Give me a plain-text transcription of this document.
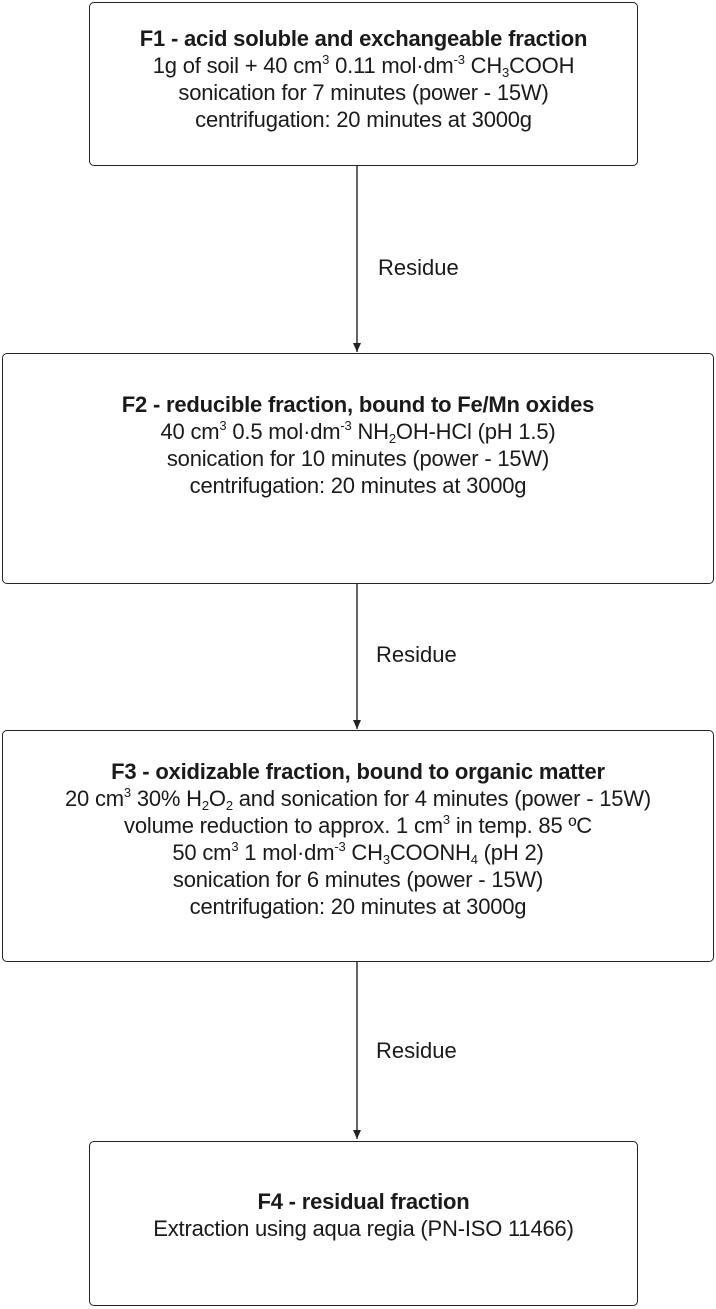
Residue
Residue
Residue
F1 - acid soluble and exchangeable fraction
1g of soil + 40 $cm^3$ 0.11 $mol\cdot dm^{-3}$ $CH_3COOH$
sonication for 7 minutes (power - 15W)
centrifugation: 20 minutes at 3000g
F2 - reducible fraction, bound to Fe/Mn oxides
40 $cm^3$ 0.5 $mol\cdot dm^{-3}$ $NH_2OH$-HCl (pH 1.5)
sonication for 10 minutes (power - 15W)
centrifugation: 20 minutes at 3000g
F3 - oxidizable fraction, bound to organic matter
20 $cm^3$ 30% $H_2O_2$ and sonication for 4 minutes (power - 15W)
volume reduction to approx. 1 $cm^3$ in temp. 85 ºC
50 $cm^3$ 1 $mol\cdot dm^{-3}$ $CH_3COONH_4$ (pH 2)
sonication for 6 minutes (power - 15W)
centrifugation: 20 minutes at 3000g
F4 - residual fraction
Extraction using aqua regia (PN-ISO 11466)
